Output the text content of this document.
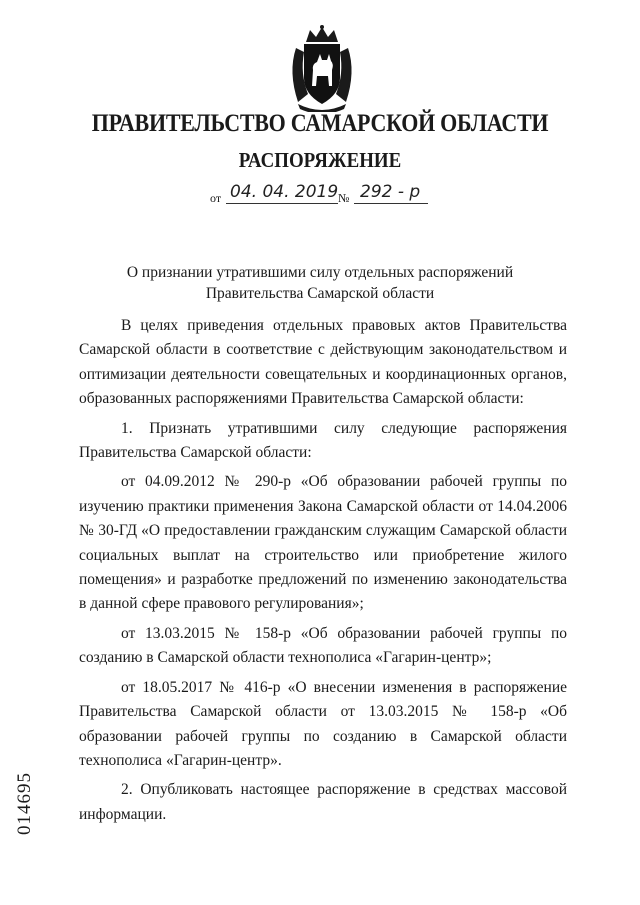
ПРАВИТЕЛЬСТВО САМАРСКОЙ ОБЛАСТИ
РАСПОРЯЖЕНИЕ
от 04. 04. 2019 № 292 - р
О признании утратившими силу отдельных распоряжений
Правительства Самарской области

В целях приведения отдельных правовых актов Правительства Самарской области в соответствие с действующим законодательством и оптимизации деятельности совещательных и координационных органов, образованных распоряжениями Правительства Самарской области:

1. Признать утратившими силу следующие распоряжения Правительства Самарской области:

от 04.09.2012 № 290-р «Об образовании рабочей группы по изучению практики применения Закона Самарской области от 14.04.2006 № 30-ГД «О предоставлении гражданским служащим Самарской области социальных выплат на строительство или приобретение жилого помещения» и разработке предложений по изменению законодательства в данной сфере правового регулирования»;

от 13.03.2015 № 158-р «Об образовании рабочей группы по созданию в Самарской области технополиса «Гагарин-центр»;

от 18.05.2017 № 416-р «О внесении изменения в распоряжение Правительства Самарской области от 13.03.2015 № 158-р «Об образовании рабочей группы по созданию в Самарской области технополиса «Гагарин-центр».

2. Опубликовать настоящее распоряжение в средствах массовой информации.

014695
